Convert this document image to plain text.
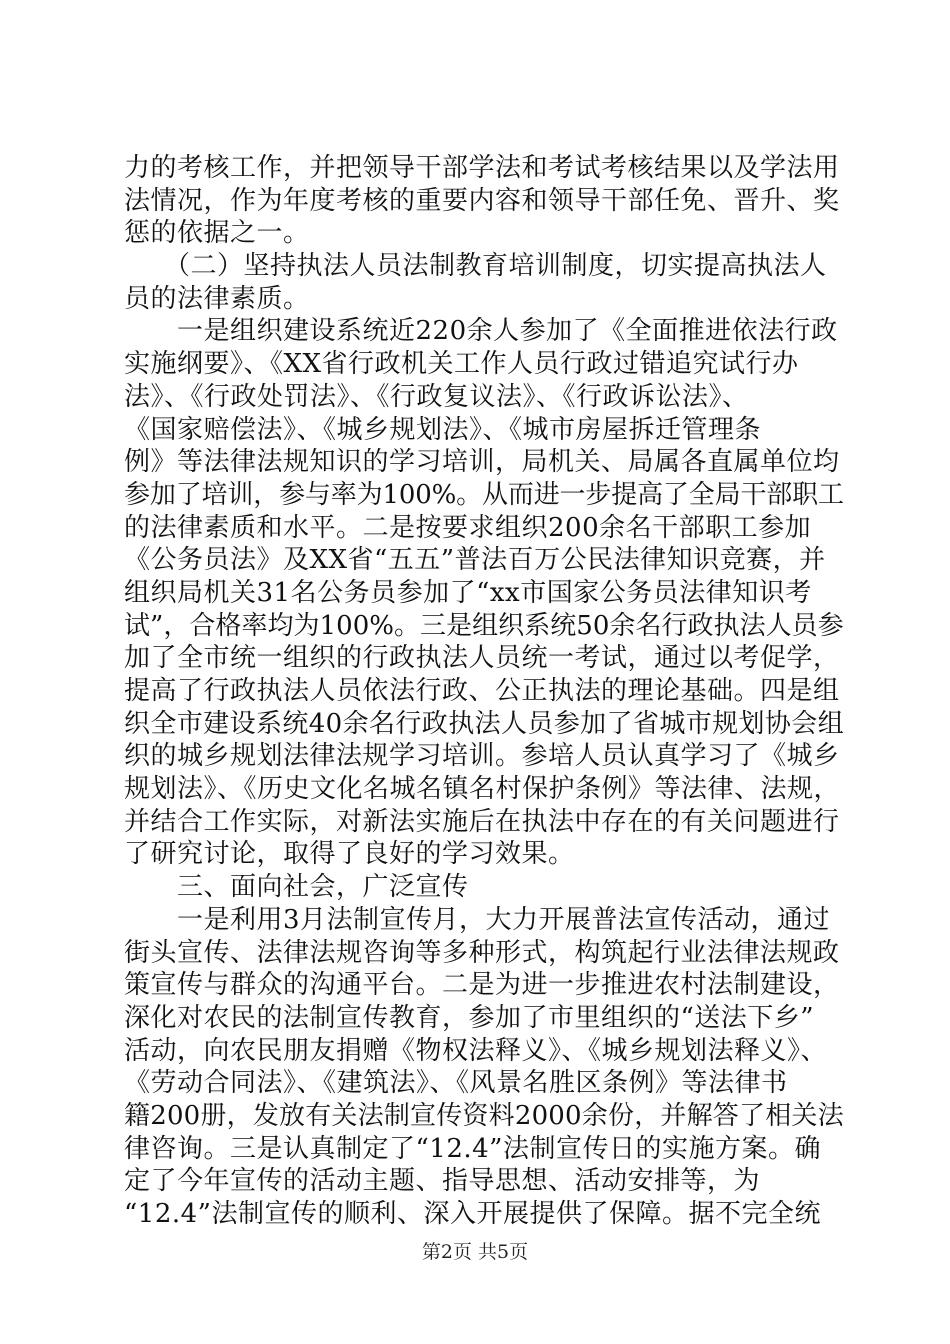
力的考核工作，并把领导干部学法和考试考核结果以及学法用
法情况，作为年度考核的重要内容和领导干部任免、晋升、奖
惩的依据之一。
　　（二）坚持执法人员法制教育培训制度，切实提高执法人
员的法律素质。
　　一是组织建设系统近220余人参加了《全面推进依法行政
实施纲要》、《XX省行政机关工作人员行政过错追究试行办
法》、《行政处罚法》、《行政复议法》、《行政诉讼法》、
《国家赔偿法》、《城乡规划法》、《城市房屋拆迁管理条
例》等法律法规知识的学习培训，局机关、局属各直属单位均
参加了培训，参与率为100%。从而进一步提高了全局干部职工
的法律素质和水平。二是按要求组织200余名干部职工参加
《公务员法》及XX省“五五”普法百万公民法律知识竞赛，并
组织局机关31名公务员参加了“xx市国家公务员法律知识考
试”，合格率均为100%。三是组织系统50余名行政执法人员参
加了全市统一组织的行政执法人员统一考试，通过以考促学，
提高了行政执法人员依法行政、公正执法的理论基础。四是组
织全市建设系统40余名行政执法人员参加了省城市规划协会组
织的城乡规划法律法规学习培训。参培人员认真学习了《城乡
规划法》、《历史文化名城名镇名村保护条例》等法律、法规，
并结合工作实际，对新法实施后在执法中存在的有关问题进行
了研究讨论，取得了良好的学习效果。
　　三、面向社会，广泛宣传
　　一是利用3月法制宣传月，大力开展普法宣传活动，通过
街头宣传、法律法规咨询等多种形式，构筑起行业法律法规政
策宣传与群众的沟通平台。二是为进一步推进农村法制建设，
深化对农民的法制宣传教育，参加了市里组织的“送法下乡”
活动，向农民朋友捐赠《物权法释义》、《城乡规划法释义》、
《劳动合同法》、《建筑法》、《风景名胜区条例》等法律书
籍200册，发放有关法制宣传资料2000余份，并解答了相关法
律咨询。三是认真制定了“12.4”法制宣传日的实施方案。确
定了今年宣传的活动主题、指导思想、活动安排等，为
“12.4”法制宣传的顺利、深入开展提供了保障。据不完全统
第2页 共5页
